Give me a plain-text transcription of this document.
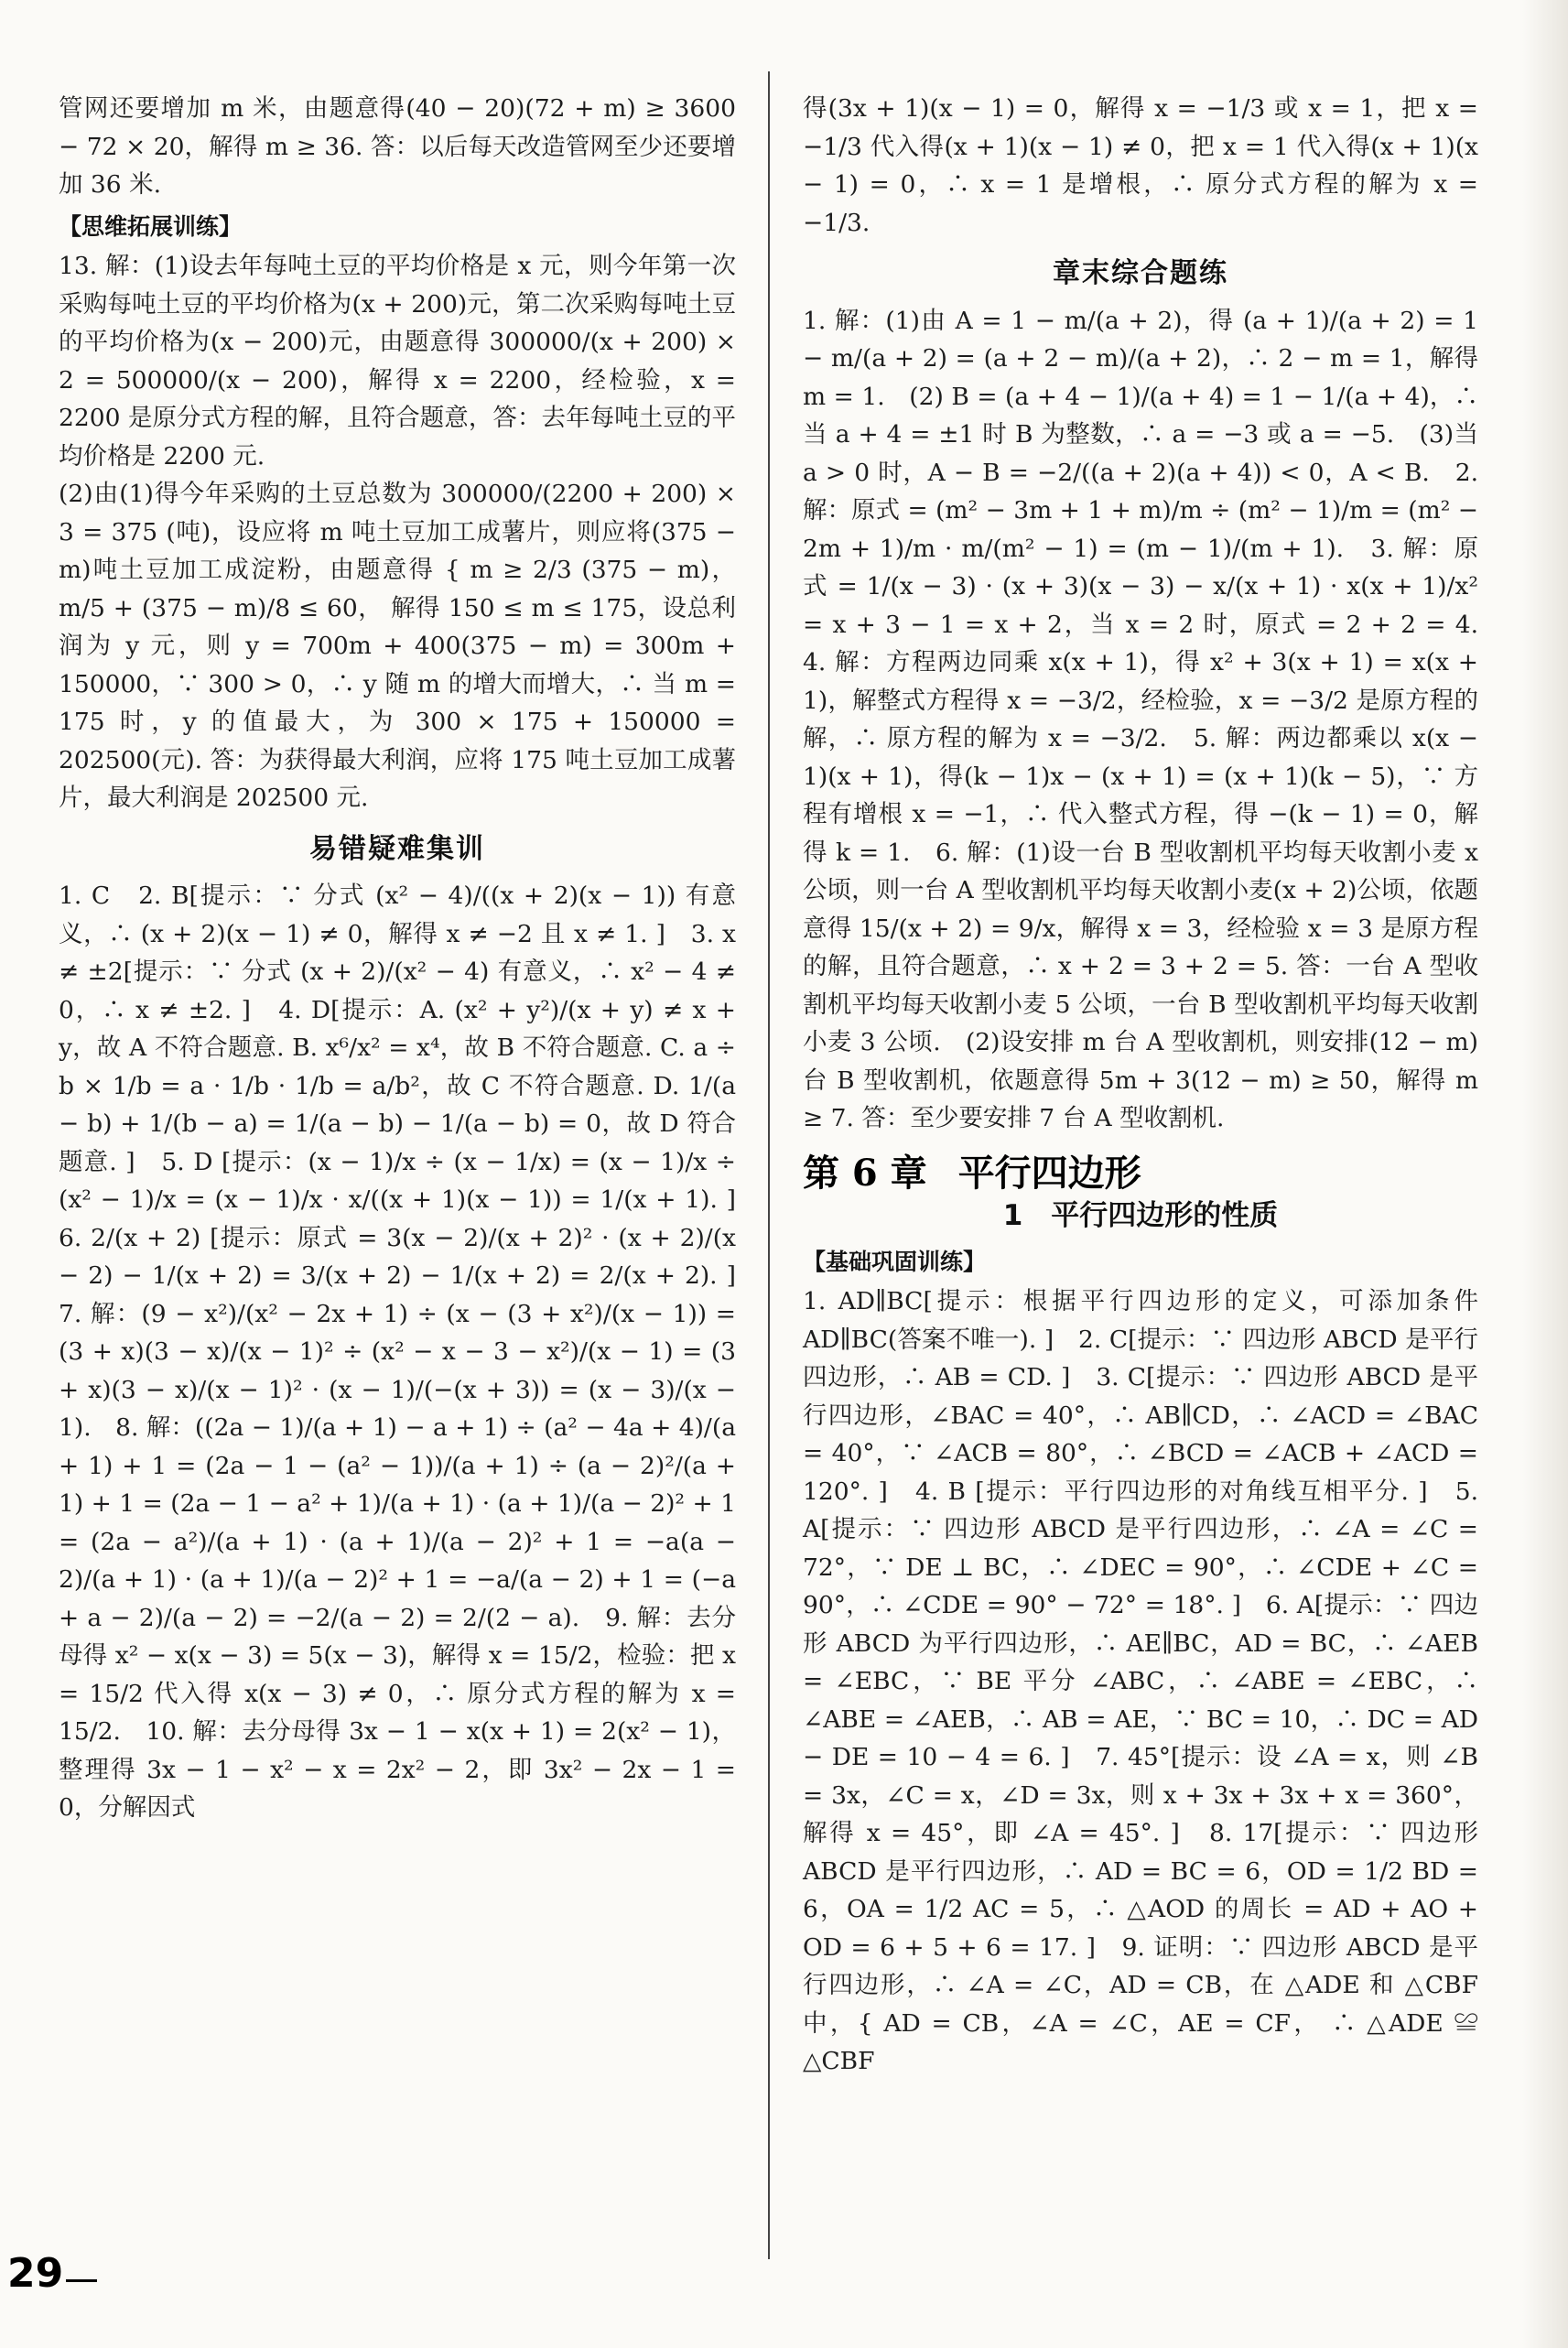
管网还要增加 m 米，由题意得(40 − 20)(72 + m) ≥ 3600 − 72 × 20，解得 m ≥ 36. 答：以后每天改造管网至少还要增加 36 米.

【思维拓展训练】

13. 解：(1)设去年每吨土豆的平均价格是 x 元，则今年第一次采购每吨土豆的平均价格为(x + 200)元，第二次采购每吨土豆的平均价格为(x − 200)元，由题意得 300000/(x + 200) × 2 = 500000/(x − 200)，解得 x = 2200，经检验，x = 2200 是原分式方程的解，且符合题意，答：去年每吨土豆的平均价格是 2200 元.

(2)由(1)得今年采购的土豆总数为 300000/(2200 + 200) × 3 = 375 (吨)，设应将 m 吨土豆加工成薯片，则应将(375 − m)吨土豆加工成淀粉，由题意得 { m ≥ 2/3 (375 − m)，m/5 + (375 − m)/8 ≤ 60， 解得 150 ≤ m ≤ 175，设总利润为 y 元，则 y = 700m + 400(375 − m) = 300m + 150000，∵ 300 > 0，∴ y 随 m 的增大而增大，∴ 当 m = 175 时，y 的值最大，为 300 × 175 + 150000 = 202500(元). 答：为获得最大利润，应将 175 吨土豆加工成薯片，最大利润是 202500 元.

易错疑难集训

1. C　2. B[提示：∵ 分式 (x² − 4)/((x + 2)(x − 1)) 有意义，∴ (x + 2)(x − 1) ≠ 0，解得 x ≠ −2 且 x ≠ 1. ]　3. x ≠ ±2[提示：∵ 分式 (x + 2)/(x² − 4) 有意义，∴ x² − 4 ≠ 0，∴ x ≠ ±2. ]　4. D[提示：A. (x² + y²)/(x + y) ≠ x + y，故 A 不符合题意. B. x⁶/x² = x⁴，故 B 不符合题意. C. a ÷ b × 1/b = a · 1/b · 1/b = a/b²，故 C 不符合题意. D. 1/(a − b) + 1/(b − a) = 1/(a − b) − 1/(a − b) = 0，故 D 符合题意. ]　5. D [提示：(x − 1)/x ÷ (x − 1/x) = (x − 1)/x ÷ (x² − 1)/x = (x − 1)/x · x/((x + 1)(x − 1)) = 1/(x + 1). ]　6. 2/(x + 2) [提示：原式 = 3(x − 2)/(x + 2)² · (x + 2)/(x − 2) − 1/(x + 2) = 3/(x + 2) − 1/(x + 2) = 2/(x + 2). ]　7. 解：(9 − x²)/(x² − 2x + 1) ÷ (x − (3 + x²)/(x − 1)) = (3 + x)(3 − x)/(x − 1)² ÷ (x² − x − 3 − x²)/(x − 1) = (3 + x)(3 − x)/(x − 1)² · (x − 1)/(−(x + 3)) = (x − 3)/(x − 1).　8. 解：((2a − 1)/(a + 1) − a + 1) ÷ (a² − 4a + 4)/(a + 1) + 1 = (2a − 1 − (a² − 1))/(a + 1) ÷ (a − 2)²/(a + 1) + 1 = (2a − 1 − a² + 1)/(a + 1) · (a + 1)/(a − 2)² + 1 = (2a − a²)/(a + 1) · (a + 1)/(a − 2)² + 1 = −a(a − 2)/(a + 1) · (a + 1)/(a − 2)² + 1 = −a/(a − 2) + 1 = (−a + a − 2)/(a − 2) = −2/(a − 2) = 2/(2 − a).　9. 解：去分母得 x² − x(x − 3) = 5(x − 3)，解得 x = 15/2，检验：把 x = 15/2 代入得 x(x − 3) ≠ 0，∴ 原分式方程的解为 x = 15/2.　10. 解：去分母得 3x − 1 − x(x + 1) = 2(x² − 1)，整理得 3x − 1 − x² − x = 2x² − 2，即 3x² − 2x − 1 = 0，分解因式

得(3x + 1)(x − 1) = 0，解得 x = −1/3 或 x = 1，把 x = −1/3 代入得(x + 1)(x − 1) ≠ 0，把 x = 1 代入得(x + 1)(x − 1) = 0，∴ x = 1 是增根，∴ 原分式方程的解为 x = −1/3.

章末综合题练

1. 解：(1)由 A = 1 − m/(a + 2)，得 (a + 1)/(a + 2) = 1 − m/(a + 2) = (a + 2 − m)/(a + 2)，∴ 2 − m = 1，解得 m = 1.　(2) B = (a + 4 − 1)/(a + 4) = 1 − 1/(a + 4)，∴ 当 a + 4 = ±1 时 B 为整数，∴ a = −3 或 a = −5.　(3)当 a > 0 时，A − B = −2/((a + 2)(a + 4)) < 0，A < B.　2. 解：原式 = (m² − 3m + 1 + m)/m ÷ (m² − 1)/m = (m² − 2m + 1)/m · m/(m² − 1) = (m − 1)/(m + 1).　3. 解：原式 = 1/(x − 3) · (x + 3)(x − 3) − x/(x + 1) · x(x + 1)/x² = x + 3 − 1 = x + 2，当 x = 2 时，原式 = 2 + 2 = 4.　4. 解：方程两边同乘 x(x + 1)，得 x² + 3(x + 1) = x(x + 1)，解整式方程得 x = −3/2，经检验，x = −3/2 是原方程的解，∴ 原方程的解为 x = −3/2.　5. 解：两边都乘以 x(x − 1)(x + 1)，得(k − 1)x − (x + 1) = (x + 1)(k − 5)，∵ 方程有增根 x = −1，∴ 代入整式方程，得 −(k − 1) = 0，解得 k = 1.　6. 解：(1)设一台 B 型收割机平均每天收割小麦 x 公顷，则一台 A 型收割机平均每天收割小麦(x + 2)公顷，依题意得 15/(x + 2) = 9/x，解得 x = 3，经检验 x = 3 是原方程的解，且符合题意，∴ x + 2 = 3 + 2 = 5. 答：一台 A 型收割机平均每天收割小麦 5 公顷，一台 B 型收割机平均每天收割小麦 3 公顷.　(2)设安排 m 台 A 型收割机，则安排(12 − m)台 B 型收割机，依题意得 5m + 3(12 − m) ≥ 50，解得 m ≥ 7. 答：至少要安排 7 台 A 型收割机.

第 6 章 平行四边形
1　平行四边形的性质
【基础巩固训练】

1. AD∥BC[提示：根据平行四边形的定义，可添加条件 AD∥BC(答案不唯一). ]　2. C[提示：∵ 四边形 ABCD 是平行四边形，∴ AB = CD. ]　3. C[提示：∵ 四边形 ABCD 是平行四边形，∠BAC = 40°，∴ AB∥CD，∴ ∠ACD = ∠BAC = 40°，∵ ∠ACB = 80°，∴ ∠BCD = ∠ACB + ∠ACD = 120°. ]　4. B [提示：平行四边形的对角线互相平分. ]　5. A[提示：∵ 四边形 ABCD 是平行四边形，∴ ∠A = ∠C = 72°，∵ DE ⊥ BC，∴ ∠DEC = 90°，∴ ∠CDE + ∠C = 90°，∴ ∠CDE = 90° − 72° = 18°. ]　6. A[提示：∵ 四边形 ABCD 为平行四边形，∴ AE∥BC，AD = BC，∴ ∠AEB = ∠EBC，∵ BE 平分 ∠ABC，∴ ∠ABE = ∠EBC，∴ ∠ABE = ∠AEB，∴ AB = AE，∵ BC = 10，∴ DC = AD − DE = 10 − 4 = 6. ]　7. 45°[提示：设 ∠A = x，则 ∠B = 3x，∠C = x，∠D = 3x，则 x + 3x + 3x + x = 360°，解得 x = 45°，即 ∠A = 45°. ]　8. 17[提示：∵ 四边形 ABCD 是平行四边形，∴ AD = BC = 6，OD = 1/2 BD = 6，OA = 1/2 AC = 5，∴ △AOD 的周长 = AD + AO + OD = 6 + 5 + 6 = 17. ]　9. 证明：∵ 四边形 ABCD 是平行四边形，∴ ∠A = ∠C，AD = CB，在 △ADE 和 △CBF 中，{ AD = CB，∠A = ∠C，AE = CF， ∴ △ADE ≌ △CBF

29
